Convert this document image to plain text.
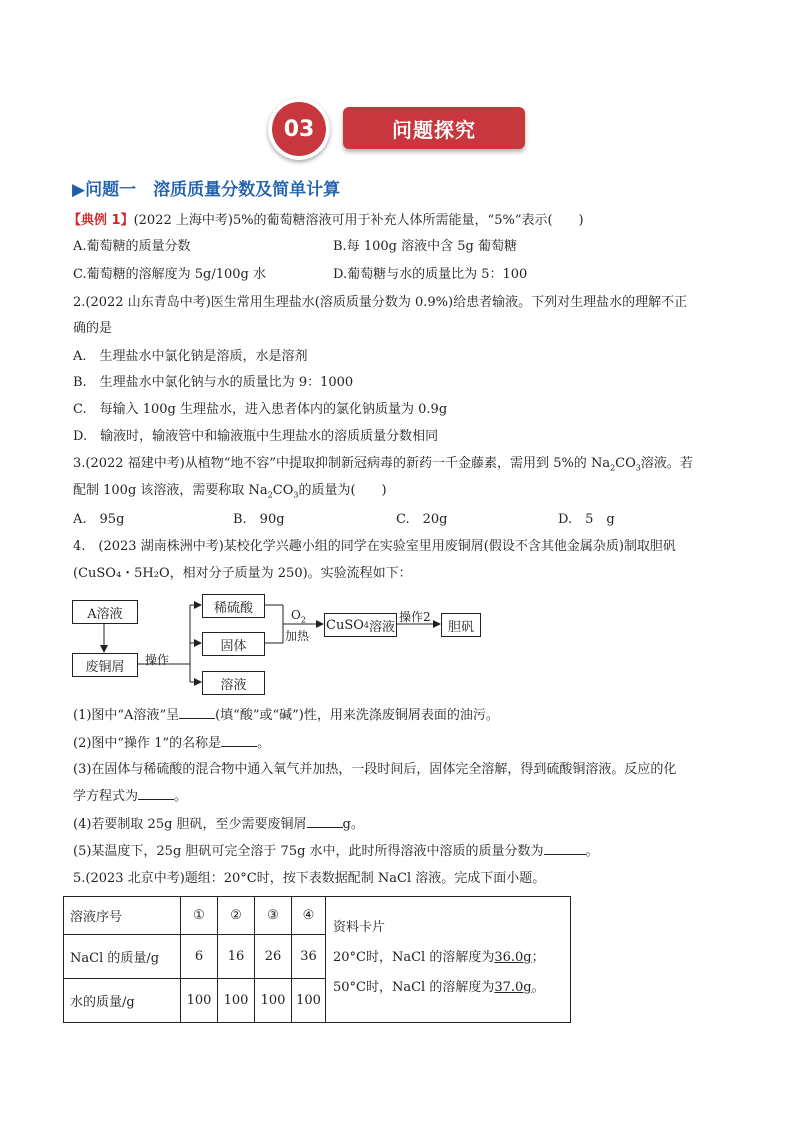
03	问题探究
▶问题一　溶质质量分数及简单计算
【典例 1】(2022 上海中考)5%的葡萄糖溶液可用于补充人体所需能量，“5%”表示(　　)
A.葡萄糖的质量分数	B.每 100g 溶液中含 5g 葡萄糖
C.葡萄糖的溶解度为 5g/100g 水	D.葡萄糖与水的质量比为 5：100
2.(2022 山东青岛中考)医生常用生理盐水(溶质质量分数为 0.9%)给患者输液。下列对生理盐水的理解不正
确的是
A.　生理盐水中氯化钠是溶质，水是溶剂
B.　生理盐水中氯化钠与水的质量比为 9：1000
C.　每输入 100g 生理盐水，进入患者体内的氯化钠质量为 0.9g
D.　输液时，输液管中和输液瓶中生理盐水的溶质质量分数相同
3.(2022 福建中考)从植物“地不容”中提取抑制新冠病毒的新药一千金藤素，需用到 5%的 $Na_2CO_3$溶液。若
配制 100g 该溶液，需要称取 $Na_2CO_3$的质量为(　　)
A.　95g	B.　90g	C.　20g	D.　5　g
4.　(2023 湖南株洲中考)某校化学兴趣小组的同学在实验室里用废铜屑(假设不含其他金属杂质)制取胆矾
(CuSO₄・5H₂O，相对分子质量为 250)。实验流程如下：
A溶液
废铜屑
稀硫酸
固体
溶液
CuSO 4 溶液	胆矾
操作
操作2
$O_2$
加热
(1)图中“A溶液”呈	(填“酸”或“碱”)性，用来洗涤废铜屑表面的油污。
(2)图中“操作 1”的名称是	。
(3)在固体与稀硫酸的混合物中通入氧气并加热，一段时间后，固体完全溶解，得到硫酸铜溶液。反应的化
学方程式为	。
(4)若要制取 25g 胆矾，至少需要废铜屑	g。
(5)某温度下，25g 胆矾可完全溶于 75g 水中，此时所得溶液中溶质的质量分数为	。
5.(2023 北京中考)题组：20°C时，按下表数据配制 NaCl 溶液。完成下面小题。
溶液序号	①	②	③	④	
NaCl 的质量/g	6	16	26	36	
水的质量/g	100	100	100	100	
资料卡片
20°C时，NaCl 的溶解度为36.0g；
50°C时，NaCl 的溶解度为37.0g。
